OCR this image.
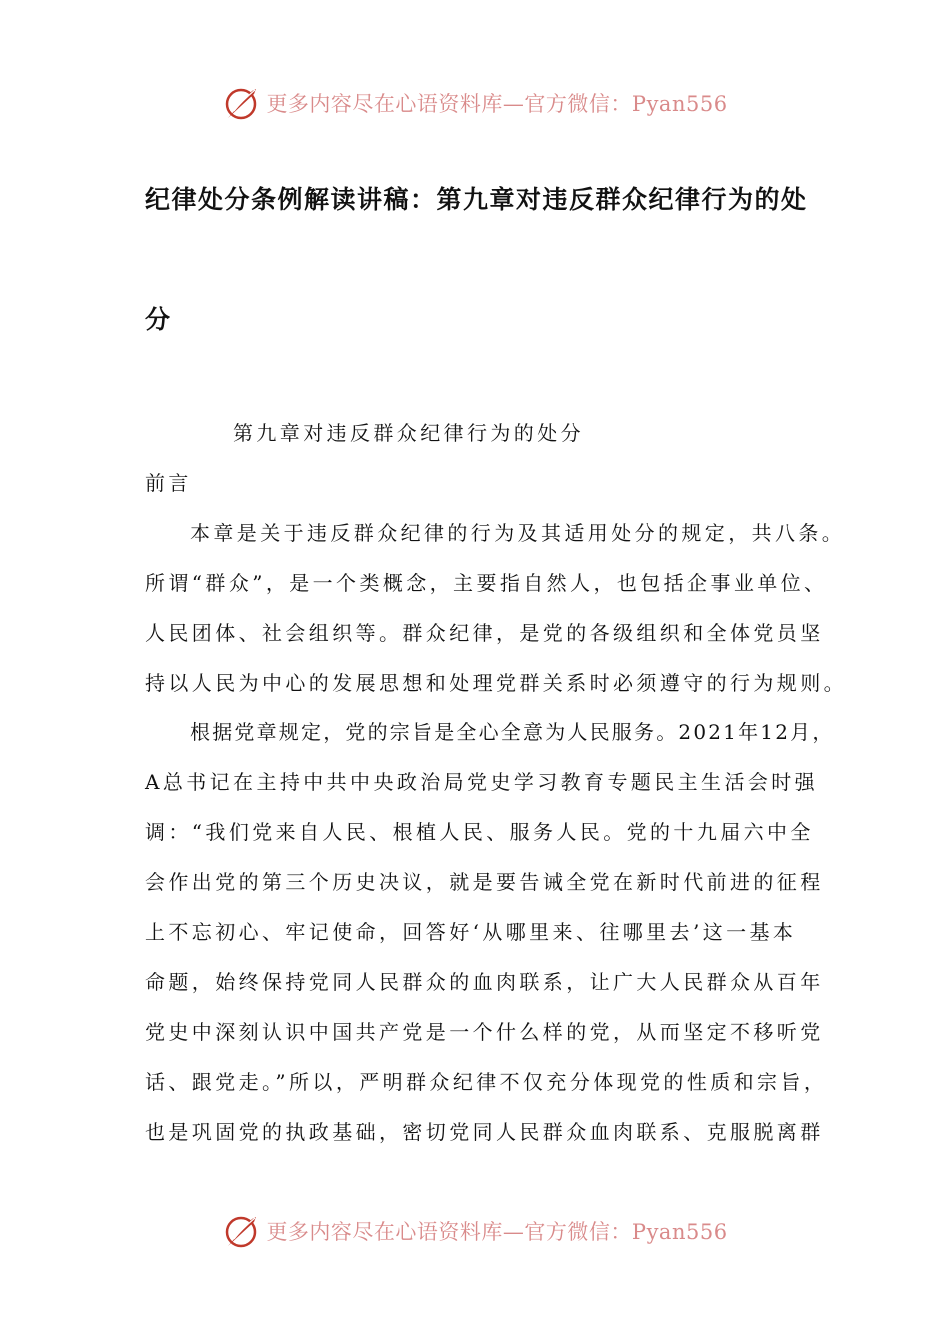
更多内容尽在心语资料库—官方微信：Pyan556
纪律处分条例解读讲稿：第九章对违反群众纪律行为的处
分
第九章对违反群众纪律行为的处分
前言
本章是关于违反群众纪律的行为及其适用处分的规定，共八条。
所谓“群众”，是一个类概念，主要指自然人，也包括企事业单位、
人民团体、社会组织等。群众纪律，是党的各级组织和全体党员坚
持以人民为中心的发展思想和处理党群关系时必须遵守的行为规则。
根据党章规定，党的宗旨是全心全意为人民服务。2021年12月，
A总书记在主持中共中央政治局党史学习教育专题民主生活会时强
调：“我们党来自人民、根植人民、服务人民。党的十九届六中全
会作出党的第三个历史决议，就是要告诫全党在新时代前进的征程
上不忘初心、牢记使命，回答好‘从哪里来、往哪里去’这一基本
命题，始终保持党同人民群众的血肉联系，让广大人民群众从百年
党史中深刻认识中国共产党是一个什么样的党，从而坚定不移听党
话、跟党走。”所以，严明群众纪律不仅充分体现党的性质和宗旨，
也是巩固党的执政基础，密切党同人民群众血肉联系、克服脱离群
更多内容尽在心语资料库—官方微信：Pyan556
